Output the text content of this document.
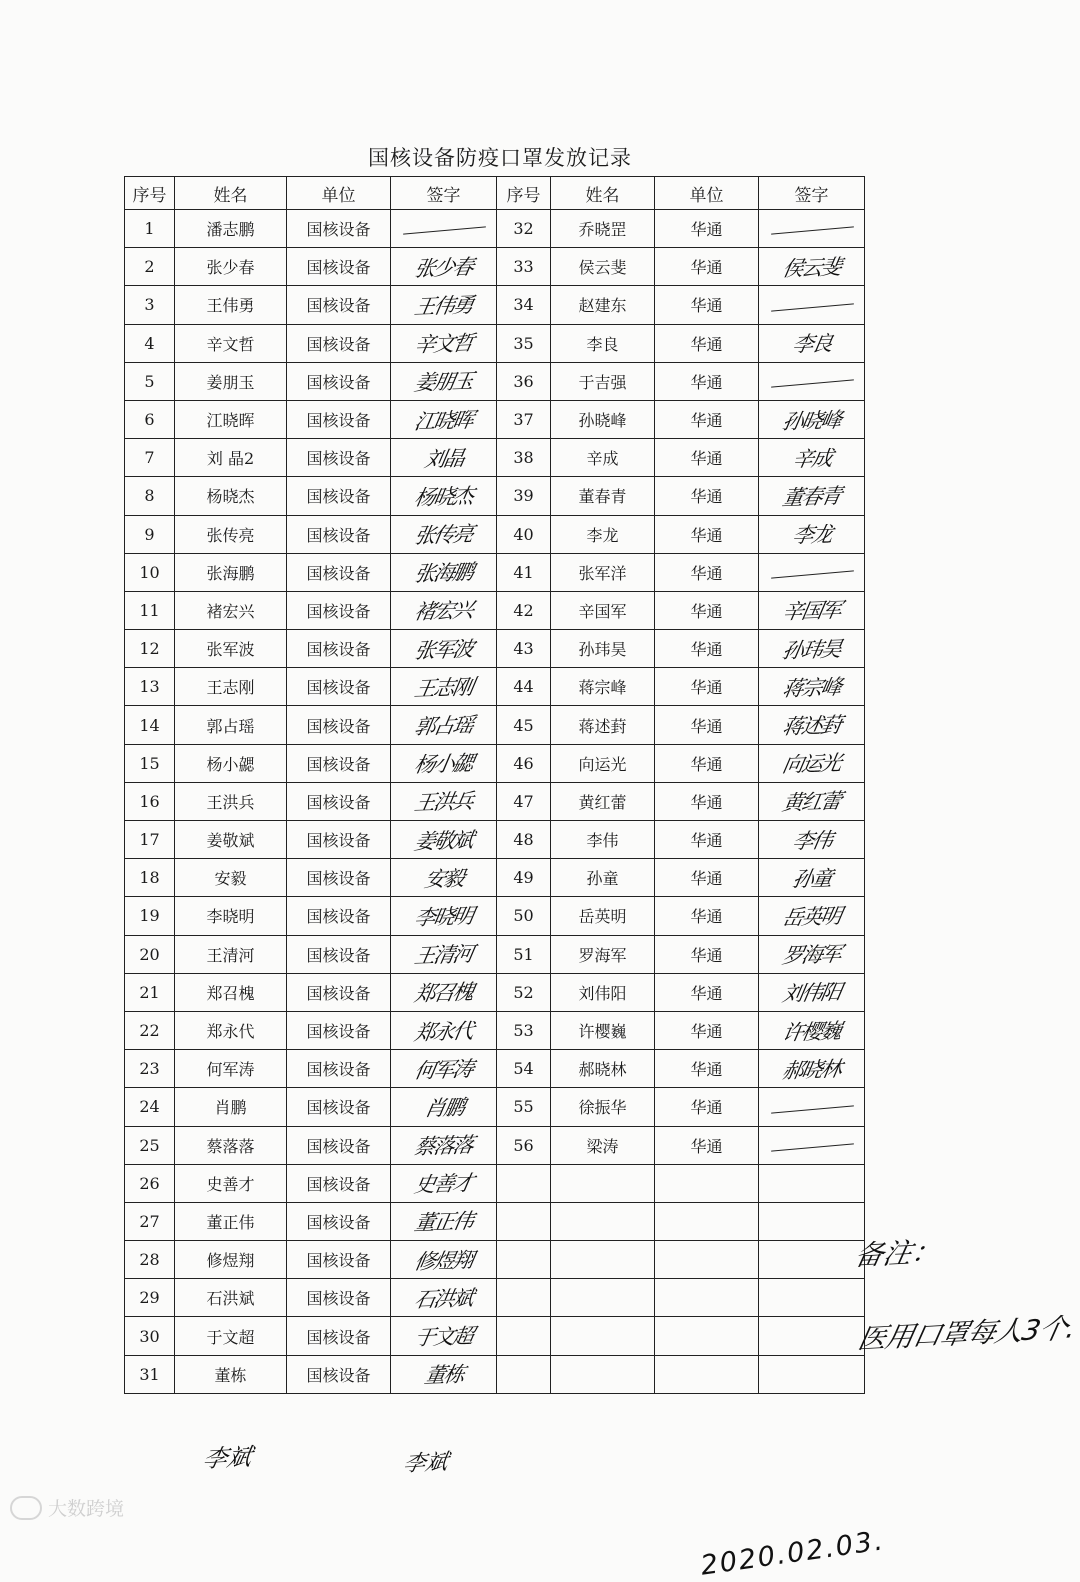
国核设备防疫口罩发放记录
序号	姓名	单位	签字	序号	姓名	单位	签字
1	潘志鹏	国核设备		32	乔晓罡	华通	

2	张少春	国核设备	张少春	33	侯云斐	华通	侯云斐
3	王伟勇	国核设备	王伟勇	34	赵建东	华通	

4	辛文哲	国核设备	辛文哲	35	李良	华通	李良
5	姜朋玉	国核设备	姜朋玉	36	于吉强	华通	

6	江晓晖	国核设备	江晓晖	37	孙晓峰	华通	孙晓峰
7	刘 晶2	国核设备	刘晶	38	辛成	华通	辛成
8	杨晓杰	国核设备	杨晓杰	39	董春青	华通	董春青
9	张传亮	国核设备	张传亮	40	李龙	华通	李龙
10	张海鹏	国核设备	张海鹏	41	张军洋	华通	

11	褚宏兴	国核设备	褚宏兴	42	辛国军	华通	辛国军
12	张军波	国核设备	张军波	43	孙玮昊	华通	孙玮昊
13	王志刚	国核设备	王志刚	44	蒋宗峰	华通	蒋宗峰
14	郭占瑶	国核设备	郭占瑶	45	蒋述葑	华通	蒋述葑
15	杨小勰	国核设备	杨小勰	46	向运光	华通	向运光
16	王洪兵	国核设备	王洪兵	47	黄红蕾	华通	黄红蕾
17	姜敬斌	国核设备	姜敬斌	48	李伟	华通	李伟
18	安毅	国核设备	安毅	49	孙童	华通	孙童
19	李晓明	国核设备	李晓明	50	岳英明	华通	岳英明
20	王清河	国核设备	王清河	51	罗海军	华通	罗海军
21	郑召槐	国核设备	郑召槐	52	刘伟阳	华通	刘伟阳
22	郑永代	国核设备	郑永代	53	许樱巍	华通	许樱巍
23	何军涛	国核设备	何军涛	54	郝晓林	华通	郝晓林
24	肖鹏	国核设备	肖鹏	55	徐振华	华通	

25	蔡落落	国核设备	蔡落落	56	梁涛	华通	

26	史善才	国核设备	史善才				
27	董正伟	国核设备	董正伟				
28	修煜翔	国核设备	修煜翔				
29	石洪斌	国核设备	石洪斌				
30	于文超	国核设备	于文超				
31	董栋	国核设备	董栋				
备注：
医用口罩每人3个.
李斌	李斌
2020.02.03.
大数跨境
